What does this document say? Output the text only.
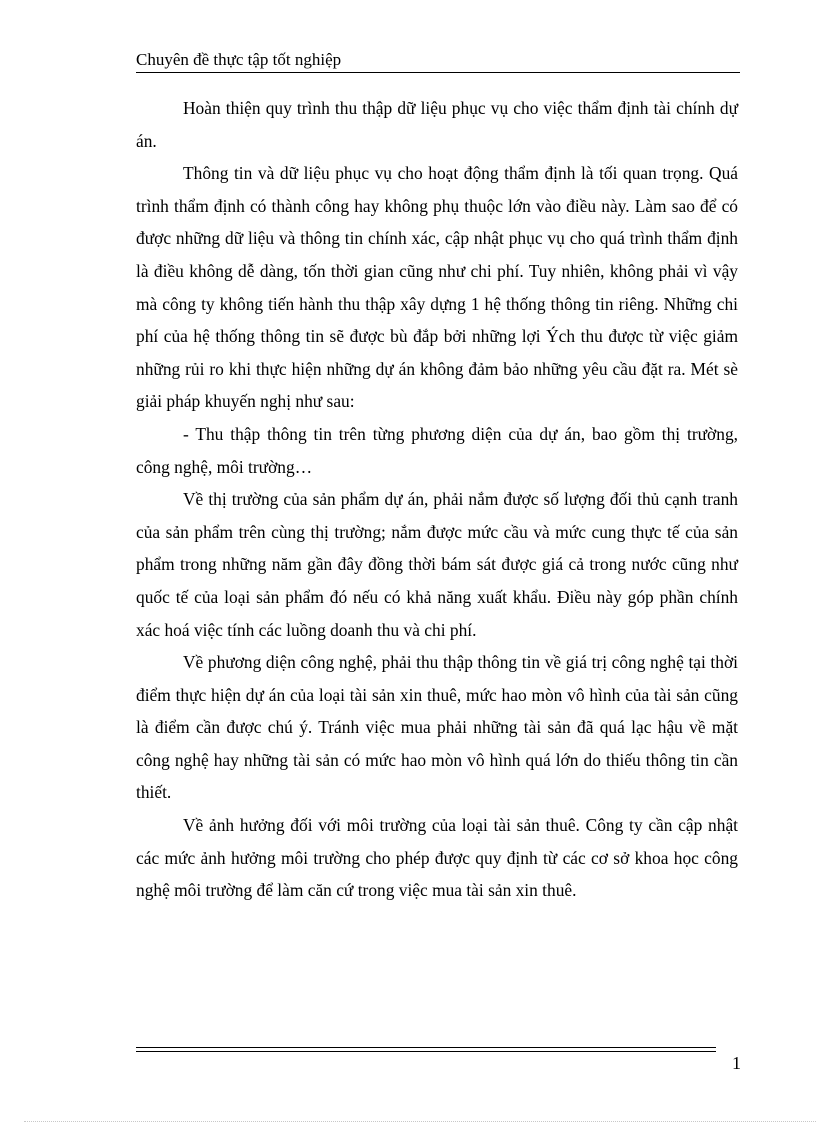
Chuyên đề thực tập tốt nghiệp

Hoàn thiện quy trình thu thập dữ liệu phục vụ cho việc thẩm định tài chính dự án.

Thông tin và dữ liệu phục vụ cho hoạt động thẩm định là tối quan trọng. Quá trình thẩm định có thành công hay không phụ thuộc lớn vào điều này. Làm sao để có được những dữ liệu và thông tin chính xác, cập nhật phục vụ cho quá trình thẩm định là điều không dễ dàng, tốn thời gian cũng như chi phí. Tuy nhiên, không phải vì vậy mà công ty không tiến hành thu thập xây dựng 1 hệ thống thông tin riêng. Những chi phí của hệ thống thông tin sẽ được bù đắp bởi những lợi Ých thu được từ việc giảm những rủi ro khi thực hiện những dự án không đảm bảo những yêu cầu đặt ra. Mét sè giải pháp khuyến nghị như sau:

- Thu thập thông tin trên từng phương diện của dự án, bao gồm thị trường, công nghệ, môi trường…

Về thị trường của sản phẩm dự án, phải nắm được số lượng đối thủ cạnh tranh của sản phẩm trên cùng thị trường; nắm được mức cầu và mức cung thực tế của sản phẩm trong những năm gần đây đồng thời bám sát được giá cả trong nước cũng như quốc tế của loại sản phẩm đó nếu có khả năng xuất khẩu. Điều này góp phần chính xác hoá việc tính các luồng doanh thu và chi phí.

Về phương diện công nghệ, phải thu thập thông tin về giá trị công nghệ tại thời điểm thực hiện dự án của loại tài sản xin thuê, mức hao mòn vô hình của tài sản cũng là điểm cần được chú ý. Tránh việc mua phải những tài sản đã quá lạc hậu về mặt công nghệ hay những tài sản có mức hao mòn vô hình quá lớn do thiếu thông tin cần thiết.

Về ảnh hưởng đối với môi trường của loại tài sản thuê. Công ty cần cập nhật các mức ảnh hưởng môi trường cho phép được quy định từ các cơ sở khoa học công nghệ môi trường để làm căn cứ trong việc mua tài sản xin thuê.

1
